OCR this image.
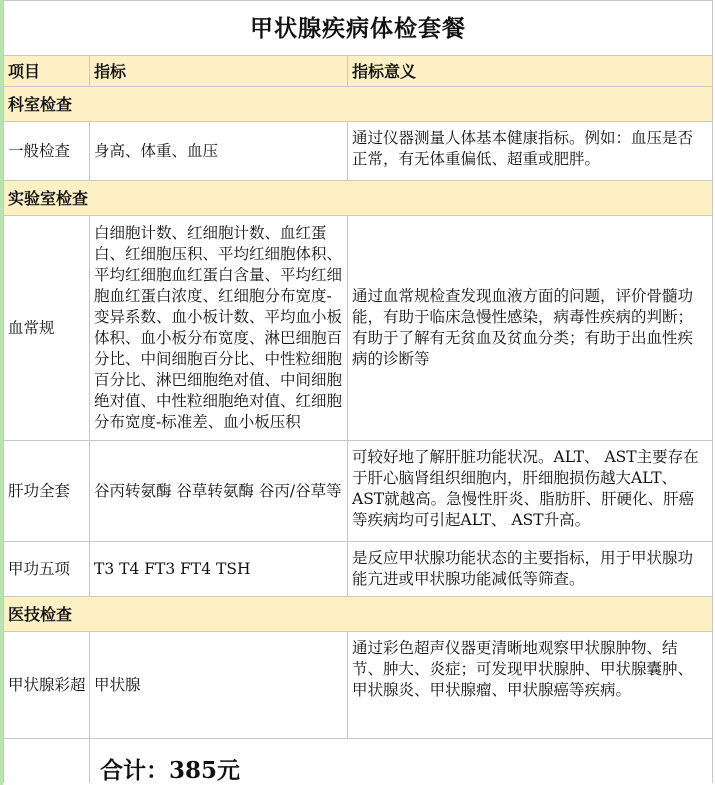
甲状腺疾病体检套餐		
项目	指标	指标意义
科室检查		
一般检查	身高、体重、血压	通过仪器测量人体基本健康指标。例如：血压是否正常，有无体重偏低、超重或肥胖。
实验室检查		
血常规	白细胞计数、红细胞计数、血红蛋白、红细胞压积、平均红细胞体积、平均红细胞血红蛋白含量、平均红细胞血红蛋白浓度、红细胞分布宽度-变异系数、血小板计数、平均血小板体积、血小板分布宽度、淋巴细胞百分比、中间细胞百分比、中性粒细胞百分比、淋巴细胞绝对值、中间细胞绝对值、中性粒细胞绝对值、红细胞分布宽度-标准差、血小板压积	通过血常规检查发现血液方面的问题，评价骨髓功能，有助于临床急慢性感染，病毒性疾病的判断；有助于了解有无贫血及贫血分类；有助于出血性疾病的诊断等
肝功全套	谷丙转氨酶 谷草转氨酶 谷丙/谷草等	可较好地了解肝脏功能状况。ALT、 AST主要存在于肝心脑肾组织细胞内，肝细胞损伤越大ALT、 AST就越高。急慢性肝炎、脂肪肝、肝硬化、肝癌等疾病均可引起ALT、 AST升高。
甲功五项	T3 T4 FT3 FT4 TSH	是反应甲状腺功能状态的主要指标，用于甲状腺功能亢进或甲状腺功能减低等筛查。
医技检查		
甲状腺彩超	甲状腺	通过彩色超声仪器更清晰地观察甲状腺肿物、结节、肿大、炎症；可发现甲状腺肿、甲状腺囊肿、甲状腺炎、甲状腺瘤、甲状腺癌等疾病。
	合计：385元	
